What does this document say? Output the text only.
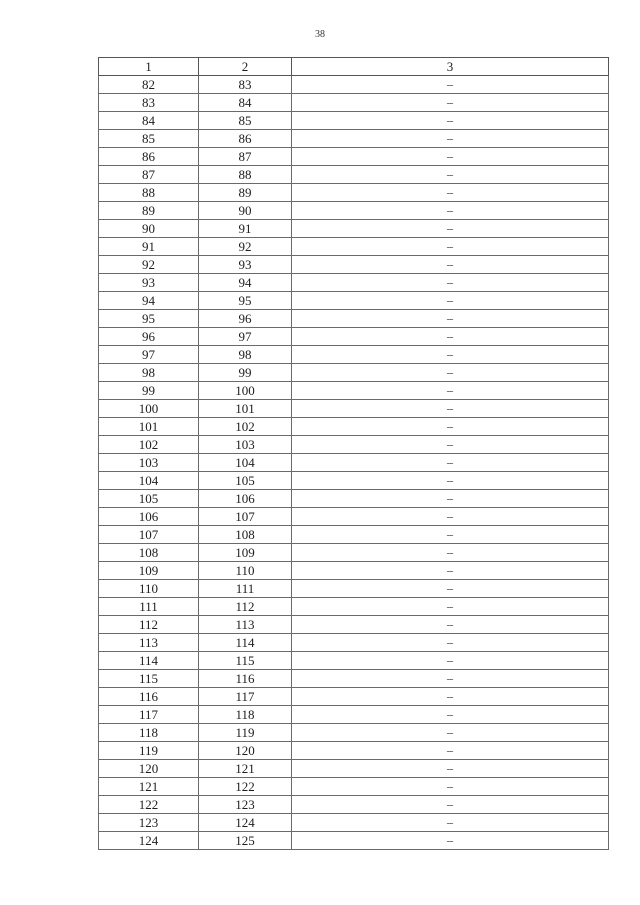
38
1	2	3
82	83	–
83	84	–
84	85	–
85	86	–
86	87	–
87	88	–
88	89	–
89	90	–
90	91	–
91	92	–
92	93	–
93	94	–
94	95	–
95	96	–
96	97	–
97	98	–
98	99	–
99	100	–
100	101	–
101	102	–
102	103	–
103	104	–
104	105	–
105	106	–
106	107	–
107	108	–
108	109	–
109	110	–
110	111	–
111	112	–
112	113	–
113	114	–
114	115	–
115	116	–
116	117	–
117	118	–
118	119	–
119	120	–
120	121	–
121	122	–
122	123	–
123	124	–
124	125	–
